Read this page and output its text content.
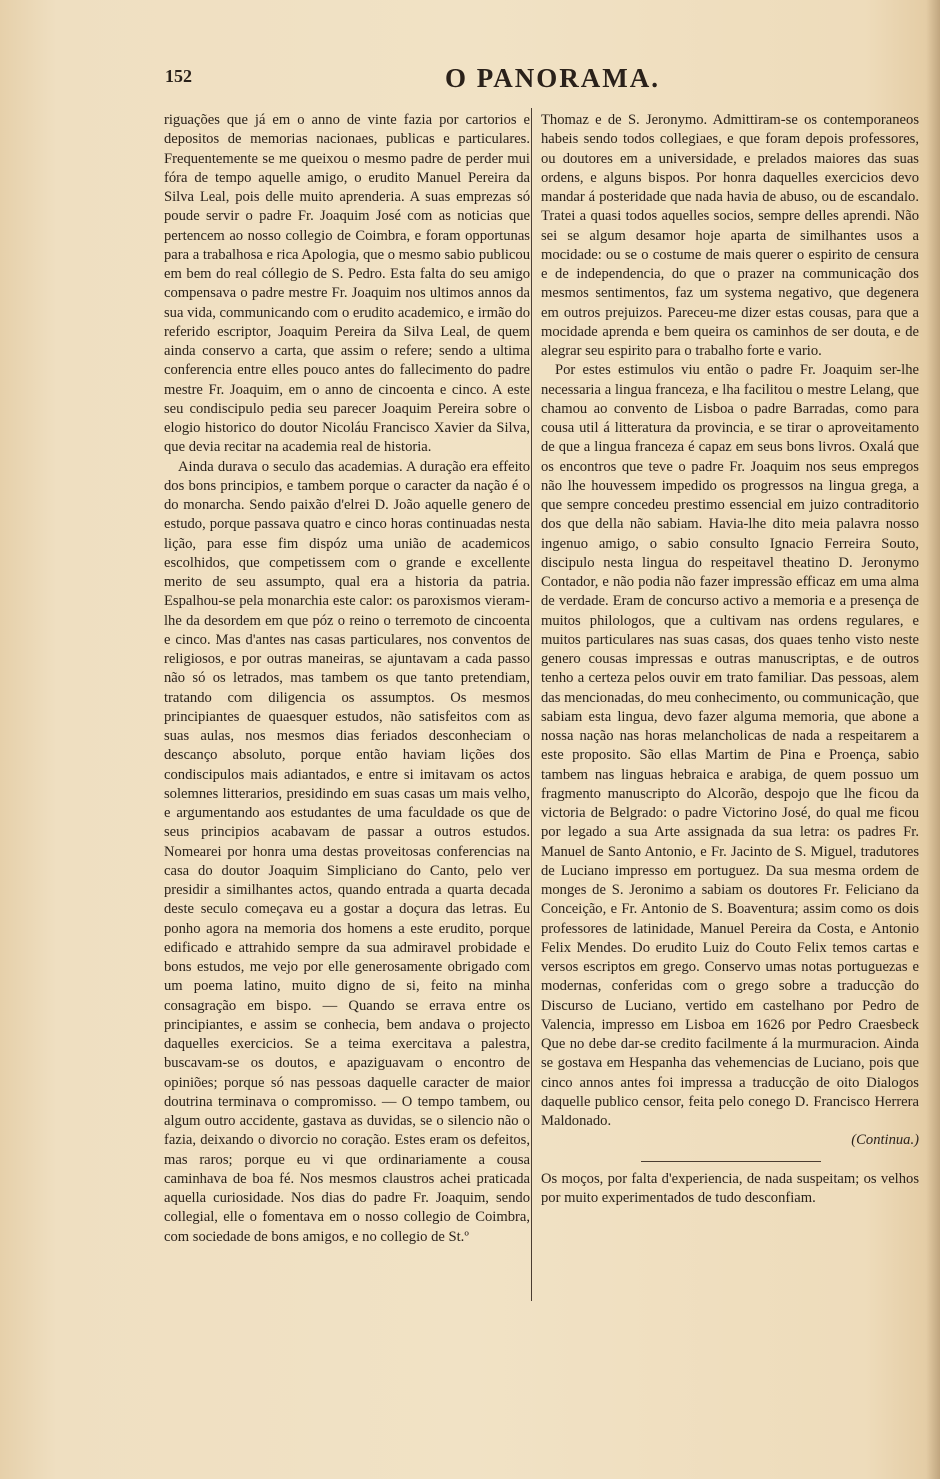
152	O PANORAMA.

riguações que já em o anno de vinte fazia por cartorios e depositos de memorias nacionaes, publicas e particulares. Frequentemente se me queixou o mesmo padre de perder mui fóra de tempo aquelle amigo, o erudito Manuel Pereira da Silva Leal, pois delle muito aprenderia. A suas emprezas só poude servir o padre Fr. Joaquim José com as noticias que pertencem ao nosso collegio de Coimbra, e foram opportunas para a trabalhosa e rica Apologia, que o mesmo sabio publicou em bem do real cóllegio de S. Pedro. Esta falta do seu amigo compensava o padre mestre Fr. Joaquim nos ultimos annos da sua vida, communicando com o erudito academico, e irmão do referido escriptor, Joaquim Pereira da Silva Leal, de quem ainda conservo a carta, que assim o refere; sendo a ultima conferencia entre elles pouco antes do fallecimento do padre mestre Fr. Joaquim, em o anno de cincoenta e cinco. A este seu condiscipulo pedia seu parecer Joaquim Pereira sobre o elogio historico do doutor Nicoláu Francisco Xavier da Silva, que devia recitar na academia real de historia.

Ainda durava o seculo das academias. A duração era effeito dos bons principios, e tambem porque o caracter da nação é o do monarcha. Sendo paixão d'elrei D. João aquelle genero de estudo, porque passava quatro e cinco horas continuadas nesta lição, para esse fim dispóz uma união de academicos escolhidos, que competissem com o grande e excellente merito de seu assumpto, qual era a historia da patria. Espalhou-se pela monarchia este calor: os paroxismos vieram-lhe da desordem em que póz o reino o terremoto de cincoenta e cinco. Mas d'antes nas casas particulares, nos conventos de religiosos, e por outras maneiras, se ajuntavam a cada passo não só os letrados, mas tambem os que tanto pretendiam, tratando com diligencia os assumptos. Os mesmos principiantes de quaesquer estudos, não satisfeitos com as suas aulas, nos mesmos dias feriados desconheciam o descanço absoluto, porque então haviam lições dos condiscipulos mais adiantados, e entre si imitavam os actos solemnes litterarios, presidindo em suas casas um mais velho, e argumentando aos estudantes de uma faculdade os que de seus principios acabavam de passar a outros estudos. Nomearei por honra uma destas proveitosas conferencias na casa do doutor Joaquim Simpliciano do Canto, pelo ver presidir a similhantes actos, quando entrada a quarta decada deste seculo começava eu a gostar a doçura das letras. Eu ponho agora na memoria dos homens a este erudito, porque edificado e attrahido sempre da sua admiravel probidade e bons estudos, me vejo por elle generosamente obrigado com um poema latino, muito digno de si, feito na minha consagração em bispo. — Quando se errava entre os principiantes, e assim se conhecia, bem andava o projecto daquelles exercicios. Se a teima exercitava a palestra, buscavam-se os doutos, e apaziguavam o encontro de opiniões; porque só nas pessoas daquelle caracter de maior doutrina terminava o compromisso. — O tempo tambem, ou algum outro accidente, gastava as duvidas, se o silencio não o fazia, deixando o divorcio no coração. Estes eram os defeitos, mas raros; porque eu vi que ordinariamente a cousa caminhava de boa fé. Nos mesmos claustros achei praticada aquella curiosidade. Nos dias do padre Fr. Joaquim, sendo collegial, elle o fomentava em o nosso collegio de Coimbra, com sociedade de bons amigos, e no collegio de St.º

Thomaz e de S. Jeronymo. Admittiram-se os contemporaneos habeis sendo todos collegiaes, e que foram depois professores, ou doutores em a universidade, e prelados maiores das suas ordens, e alguns bispos. Por honra daquelles exercicios devo mandar á posteridade que nada havia de abuso, ou de escandalo. Tratei a quasi todos aquelles socios, sempre delles aprendi. Não sei se algum desamor hoje aparta de similhantes usos a mocidade: ou se o costume de mais querer o espirito de censura e de independencia, do que o prazer na communicação dos mesmos sentimentos, faz um systema negativo, que degenera em outros prejuizos. Pareceu-me dizer estas cousas, para que a mocidade aprenda e bem queira os caminhos de ser douta, e de alegrar seu espirito para o trabalho forte e vario.

Por estes estimulos viu então o padre Fr. Joaquim ser-lhe necessaria a lingua franceza, e lha facilitou o mestre Lelang, que chamou ao convento de Lisboa o padre Barradas, como para cousa util á litteratura da provincia, e se tirar o aproveitamento de que a lingua franceza é capaz em seus bons livros. Oxalá que os encontros que teve o padre Fr. Joaquim nos seus empregos não lhe houvessem impedido os progressos na lingua grega, a que sempre concedeu prestimo essencial em juizo contraditorio dos que della não sabiam. Havia-lhe dito meia palavra nosso ingenuo amigo, o sabio consulto Ignacio Ferreira Souto, discipulo nesta lingua do respeitavel theatino D. Jeronymo Contador, e não podia não fazer impressão efficaz em uma alma de verdade. Eram de concurso activo a memoria e a presença de muitos philologos, que a cultivam nas ordens regulares, e muitos particulares nas suas casas, dos quaes tenho visto neste genero cousas impressas e outras manuscriptas, e de outros tenho a certeza pelos ouvir em trato familiar. Das pessoas, alem das mencionadas, do meu conhecimento, ou communicação, que sabiam esta lingua, devo fazer alguma memoria, que abone a nossa nação nas horas melancholicas de nada a respeitarem a este proposito. São ellas Martim de Pina e Proença, sabio tambem nas linguas hebraica e arabiga, de quem possuo um fragmento manuscripto do Alcorão, despojo que lhe ficou da victoria de Belgrado: o padre Victorino José, do qual me ficou por legado a sua Arte assignada da sua letra: os padres Fr. Manuel de Santo Antonio, e Fr. Jacinto de S. Miguel, tradutores de Luciano impresso em portuguez. Da sua mesma ordem de monges de S. Jeronimo a sabiam os doutores Fr. Feliciano da Conceição, e Fr. Antonio de S. Boaventura; assim como os dois professores de latinidade, Manuel Pereira da Costa, e Antonio Felix Mendes. Do erudito Luiz do Couto Felix temos cartas e versos escriptos em grego. Conservo umas notas portuguezas e modernas, conferidas com o grego sobre a traducção do Discurso de Luciano, vertido em castelhano por Pedro de Valencia, impresso em Lisboa em 1626 por Pedro Craesbeck Que no debe dar-se credito facilmente á la murmuracion. Ainda se gostava em Hespanha das vehemencias de Luciano, pois que cinco annos antes foi impressa a traducção de oito Dialogos daquelle publico censor, feita pelo conego D. Francisco Herrera Maldonado.

(Continua.)

Os moços, por falta d'experiencia, de nada suspeitam; os velhos por muito experimentados de tudo desconfiam.
